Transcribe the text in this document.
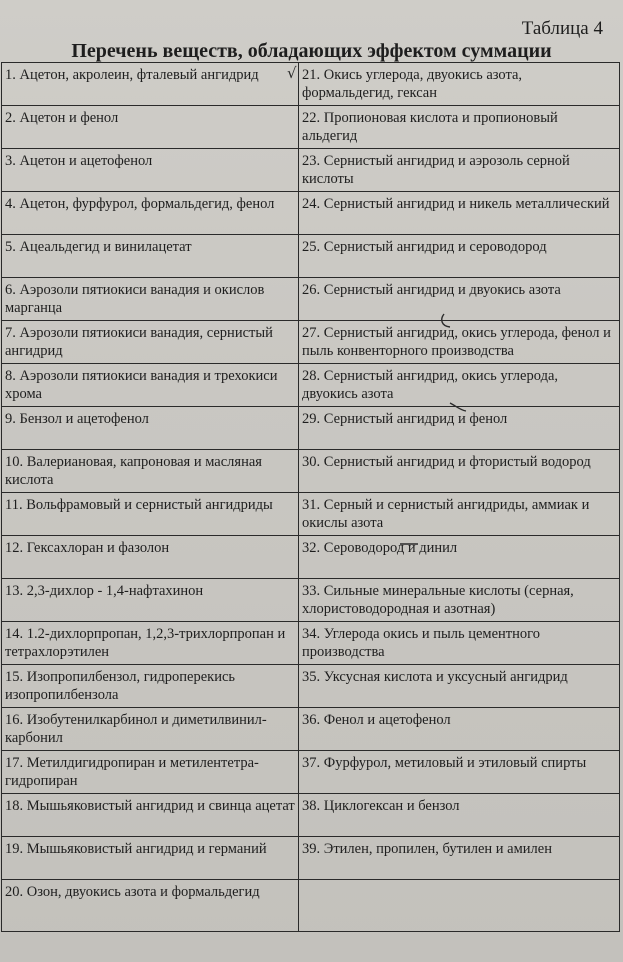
Таблица 4
Перечень веществ, обладающих эффектом суммации
1. Ацетон, акролеин, фталевый ангидрид	21. Окись углерода, двуокись азота, формальдегид, гексан
2. Ацетон и фенол	22. Пропионовая кислота и пропионовый альдегид
3. Ацетон и ацетофенол	23. Сернистый ангидрид и аэрозоль серной кислоты
4. Ацетон, фурфурол, формальдегид, фенол	24. Сернистый ангидрид и никель металлический
5. Ацеальдегид и винилацетат	25. Сернистый ангидрид и сероводород
6. Аэрозоли пятиокиси ванадия и окислов марганца	26. Сернистый ангидрид и двуокись азота
7. Аэрозоли пятиокиси ванадия, сернистый ангидрид	27. Сернистый ангидрид, окись углерода, фенол и пыль конвенторного производства
8. Аэрозоли пятиокиси ванадия и трехокиси хрома	28. Сернистый ангидрид, окись углерода, двуокись азота
9. Бензол и ацетофенол	29. Сернистый ангидрид и фенол
10. Валериановая, капроновая и масляная кислота	30. Сернистый ангидрид и фтористый водород
11. Вольфрамовый и сернистый ангидриды	31. Серный и сернистый ангидриды, аммиак и окислы азота
12. Гексахлоран и фазолон	32. Сероводород и динил
13. 2,3-дихлор - 1,4-нафтахинон	33. Сильные минеральные кислоты (серная, хлористоводородная и азотная)
14. 1.2-дихлорпропан, 1,2,3-трихлорпропан и тетрахлорэтилен	34. Углерода окись и пыль цементного производства
15. Изопропилбензол, гидроперекись изопропилбензола	35. Уксусная кислота и уксусный ангидрид
16. Изобутенилкарбинол и диметилвинил-карбонил	36. Фенол и ацетофенол
17. Метилдигидропиран и метилентетра-гидропиран	37. Фурфурол, метиловый и этиловый спирты
18. Мышьяковистый ангидрид и свинца ацетат	38. Циклогексан и бензол
19. Мышьяковистый ангидрид и германий	39. Этилен, пропилен, бутилен и амилен
20. Озон, двуокись азота и формальдегид	
√
